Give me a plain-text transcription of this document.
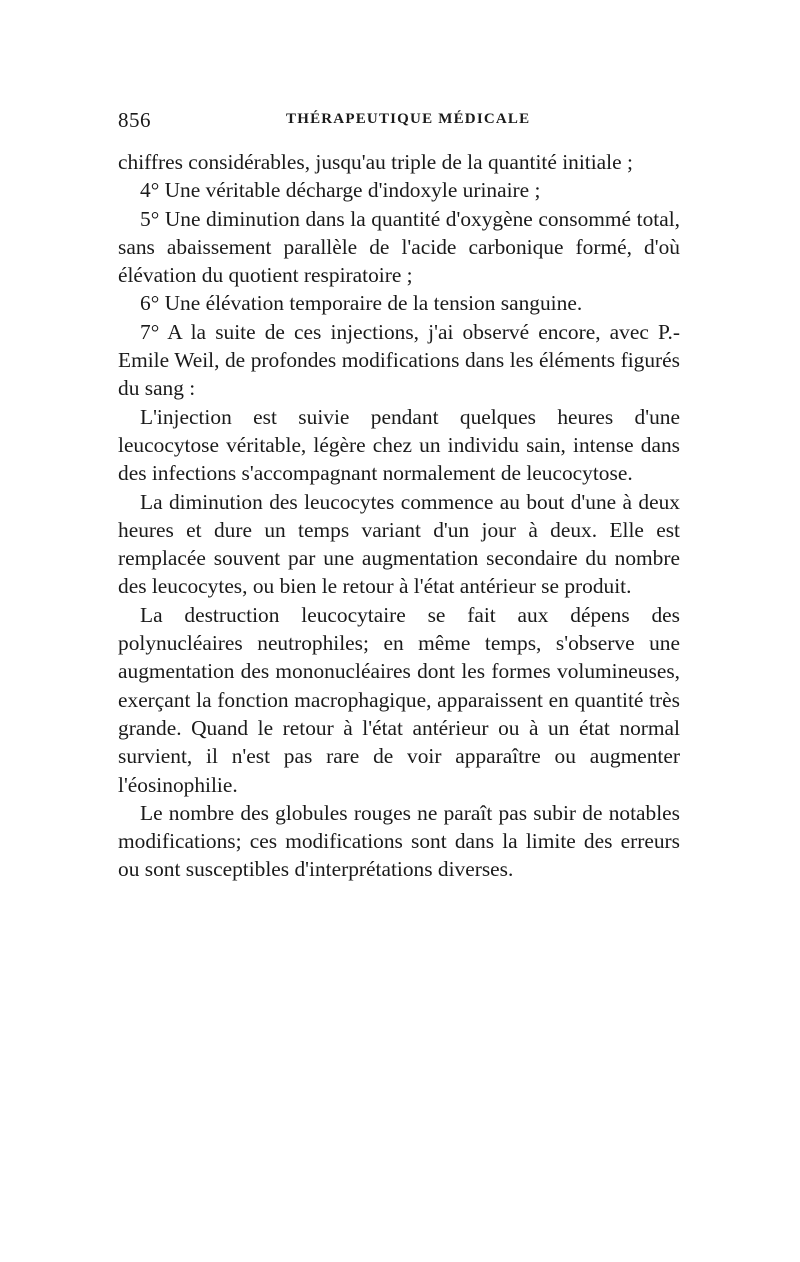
856	THÉRAPEUTIQUE MÉDICALE

chiffres considérables, jusqu'au triple de la quantité initiale ;

4° Une véritable décharge d'indoxyle urinaire ;

5° Une diminution dans la quantité d'oxygène consommé total, sans abaissement parallèle de l'acide carbonique formé, d'où élévation du quotient respiratoire ;

6° Une élévation temporaire de la tension sanguine.

7° A la suite de ces injections, j'ai observé encore, avec P.-Emile Weil, de profondes modifications dans les éléments figurés du sang :

L'injection est suivie pendant quelques heures d'une leucocytose véritable, légère chez un individu sain, intense dans des infections s'accompagnant normalement de leucocytose.

La diminution des leucocytes commence au bout d'une à deux heures et dure un temps variant d'un jour à deux. Elle est remplacée souvent par une augmentation secondaire du nombre des leucocytes, ou bien le retour à l'état antérieur se produit.

La destruction leucocytaire se fait aux dépens des polynucléaires neutrophiles; en même temps, s'observe une augmentation des mononucléaires dont les formes volumineuses, exerçant la fonction macrophagique, apparaissent en quantité très grande. Quand le retour à l'état antérieur ou à un état normal survient, il n'est pas rare de voir apparaître ou augmenter l'éosinophilie.

Le nombre des globules rouges ne paraît pas subir de notables modifications; ces modifications sont dans la limite des erreurs ou sont susceptibles d'interprétations diverses.
